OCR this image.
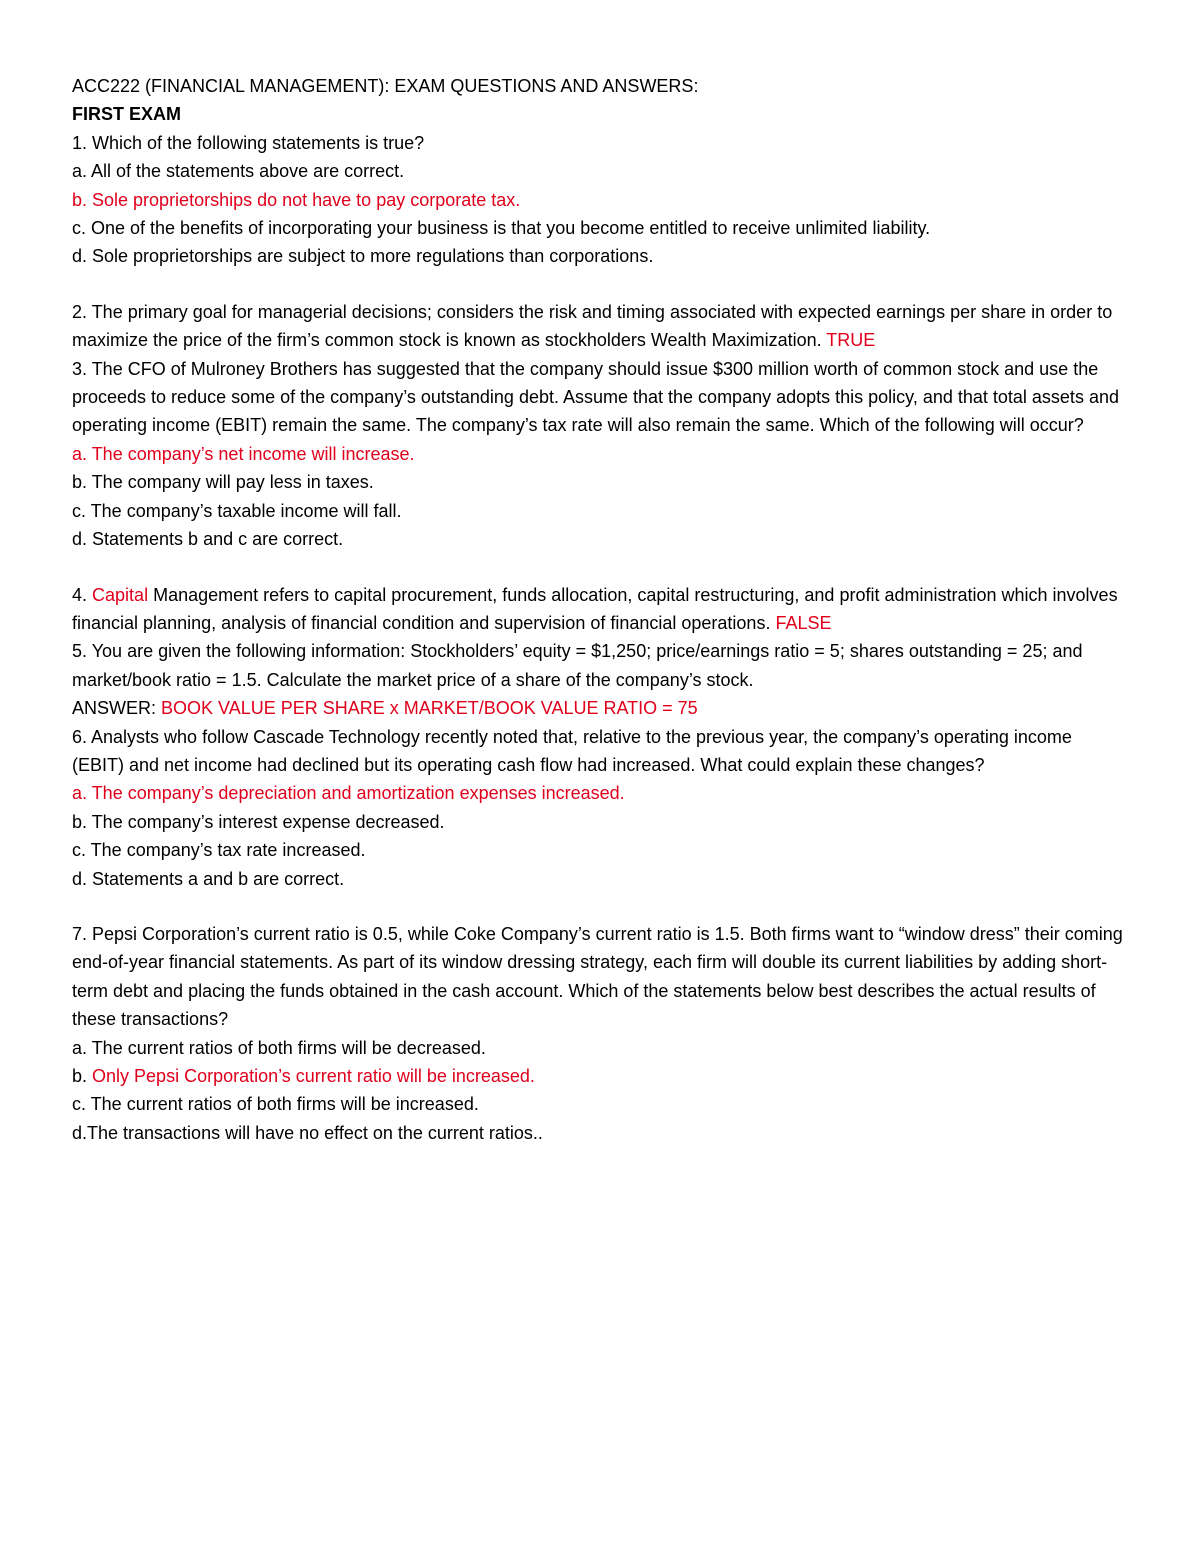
ACC222 (FINANCIAL MANAGEMENT): EXAM QUESTIONS AND ANSWERS:

FIRST EXAM

1. Which of the following statements is true?

a. All of the statements above are correct.

b. Sole proprietorships do not have to pay corporate tax.

c. One of the benefits of incorporating your business is that you become entitled to receive unlimited liability.

d. Sole proprietorships are subject to more regulations than corporations.

2. The primary goal for managerial decisions; considers the risk and timing associated with expected earnings per share in order to maximize the price of the firm’s common stock is known as stockholders Wealth Maximization. TRUE

3. The CFO of Mulroney Brothers has suggested that the company should issue $300 million worth of common stock and use the proceeds to reduce some of the company’s outstanding debt. Assume that the company adopts this policy, and that total assets and operating income (EBIT) remain the same. The company’s tax rate will also remain the same. Which of the following will occur?

a. The company’s net income will increase.

b. The company will pay less in taxes.

c. The company’s taxable income will fall.

d. Statements b and c are correct.

4. Capital Management refers to capital procurement, funds allocation, capital restructuring, and profit administration which involves financial planning, analysis of financial condition and supervision of financial operations. FALSE

5. You are given the following information: Stockholders’ equity = $1,250; price/earnings ratio = 5; shares outstanding = 25; and market/book ratio = 1.5. Calculate the market price of a share of the company’s stock.

ANSWER: BOOK VALUE PER SHARE x MARKET/BOOK VALUE RATIO = 75

6. Analysts who follow Cascade Technology recently noted that, relative to the previous year, the company’s operating income (EBIT) and net income had declined but its operating cash flow had increased. What could explain these changes?

a. The company’s depreciation and amortization expenses increased.

b. The company’s interest expense decreased.

c. The company’s tax rate increased.

d. Statements a and b are correct.

7. Pepsi Corporation’s current ratio is 0.5, while Coke Company’s current ratio is 1.5. Both firms want to “window dress” their coming end-of-year financial statements. As part of its window dressing strategy, each firm will double its current liabilities by adding short-term debt and placing the funds obtained in the cash account. Which of the statements below best describes the actual results of these transactions?

a. The current ratios of both firms will be decreased.

b. Only Pepsi Corporation’s current ratio will be increased.

c. The current ratios of both firms will be increased.

d.The transactions will have no effect on the current ratios..
